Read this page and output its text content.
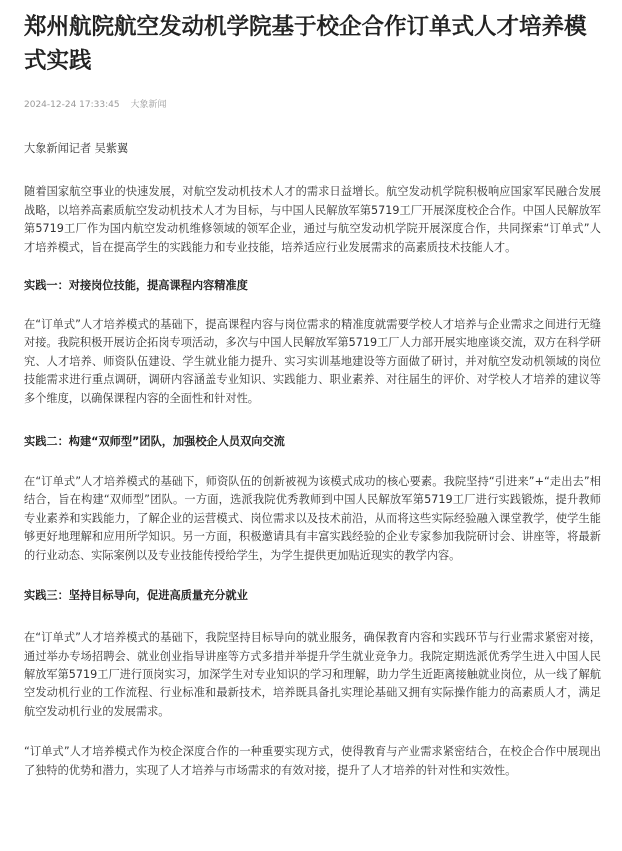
郑州航院航空发动机学院基于校企合作订单式人才培养模式实践
2024-12-24 17:33:45 大象新闻

大象新闻记者 吴紫翼

随着国家航空事业的快速发展，对航空发动机技术人才的需求日益增长。航空发动机学院积极响应国家军民融合发展战略，以培养高素质航空发动机技术人才为目标，与中国人民解放军第5719工厂开展深度校企合作。中国人民解放军第5719工厂作为国内航空发动机维修领域的领军企业，通过与航空发动机学院开展深度合作，共同探索“订单式”人才培养模式，旨在提高学生的实践能力和专业技能，培养适应行业发展需求的高素质技术技能人才。

实践一：对接岗位技能，提高课程内容精准度

在“订单式”人才培养模式的基础下，提高课程内容与岗位需求的精准度就需要学校人才培养与企业需求之间进行无缝对接。我院积极开展访企拓岗专项活动，多次与中国人民解放军第5719工厂人力部开展实地座谈交流，双方在科学研究、人才培养、师资队伍建设、学生就业能力提升、实习实训基地建设等方面做了研讨，并对航空发动机领域的岗位技能需求进行重点调研，调研内容涵盖专业知识、实践能力、职业素养、对往届生的评价、对学校人才培养的建议等多个维度，以确保课程内容的全面性和针对性。

实践二：构建“双师型”团队，加强校企人员双向交流

在“订单式”人才培养模式的基础下，师资队伍的创新被视为该模式成功的核心要素。我院坚持“引进来”+“走出去”相结合，旨在构建“双师型”团队。一方面，选派我院优秀教师到中国人民解放军第5719工厂进行实践锻炼，提升教师专业素养和实践能力，了解企业的运营模式、岗位需求以及技术前沿，从而将这些实际经验融入课堂教学，使学生能够更好地理解和应用所学知识。另一方面，积极邀请具有丰富实践经验的企业专家参加我院研讨会、讲座等，将最新的行业动态、实际案例以及专业技能传授给学生，为学生提供更加贴近现实的教学内容。

实践三：坚持目标导向，促进高质量充分就业

在“订单式”人才培养模式的基础下，我院坚持目标导向的就业服务，确保教育内容和实践环节与行业需求紧密对接，通过举办专场招聘会、就业创业指导讲座等方式多措并举提升学生就业竞争力。我院定期选派优秀学生进入中国人民解放军第5719工厂进行顶岗实习，加深学生对专业知识的学习和理解，助力学生近距离接触就业岗位，从一线了解航空发动机行业的工作流程、行业标准和最新技术，培养既具备扎实理论基础又拥有实际操作能力的高素质人才，满足航空发动机行业的发展需求。

“订单式”人才培养模式作为校企深度合作的一种重要实现方式，使得教育与产业需求紧密结合，在校企合作中展现出了独特的优势和潜力，实现了人才培养与市场需求的有效对接，提升了人才培养的针对性和实效性。
